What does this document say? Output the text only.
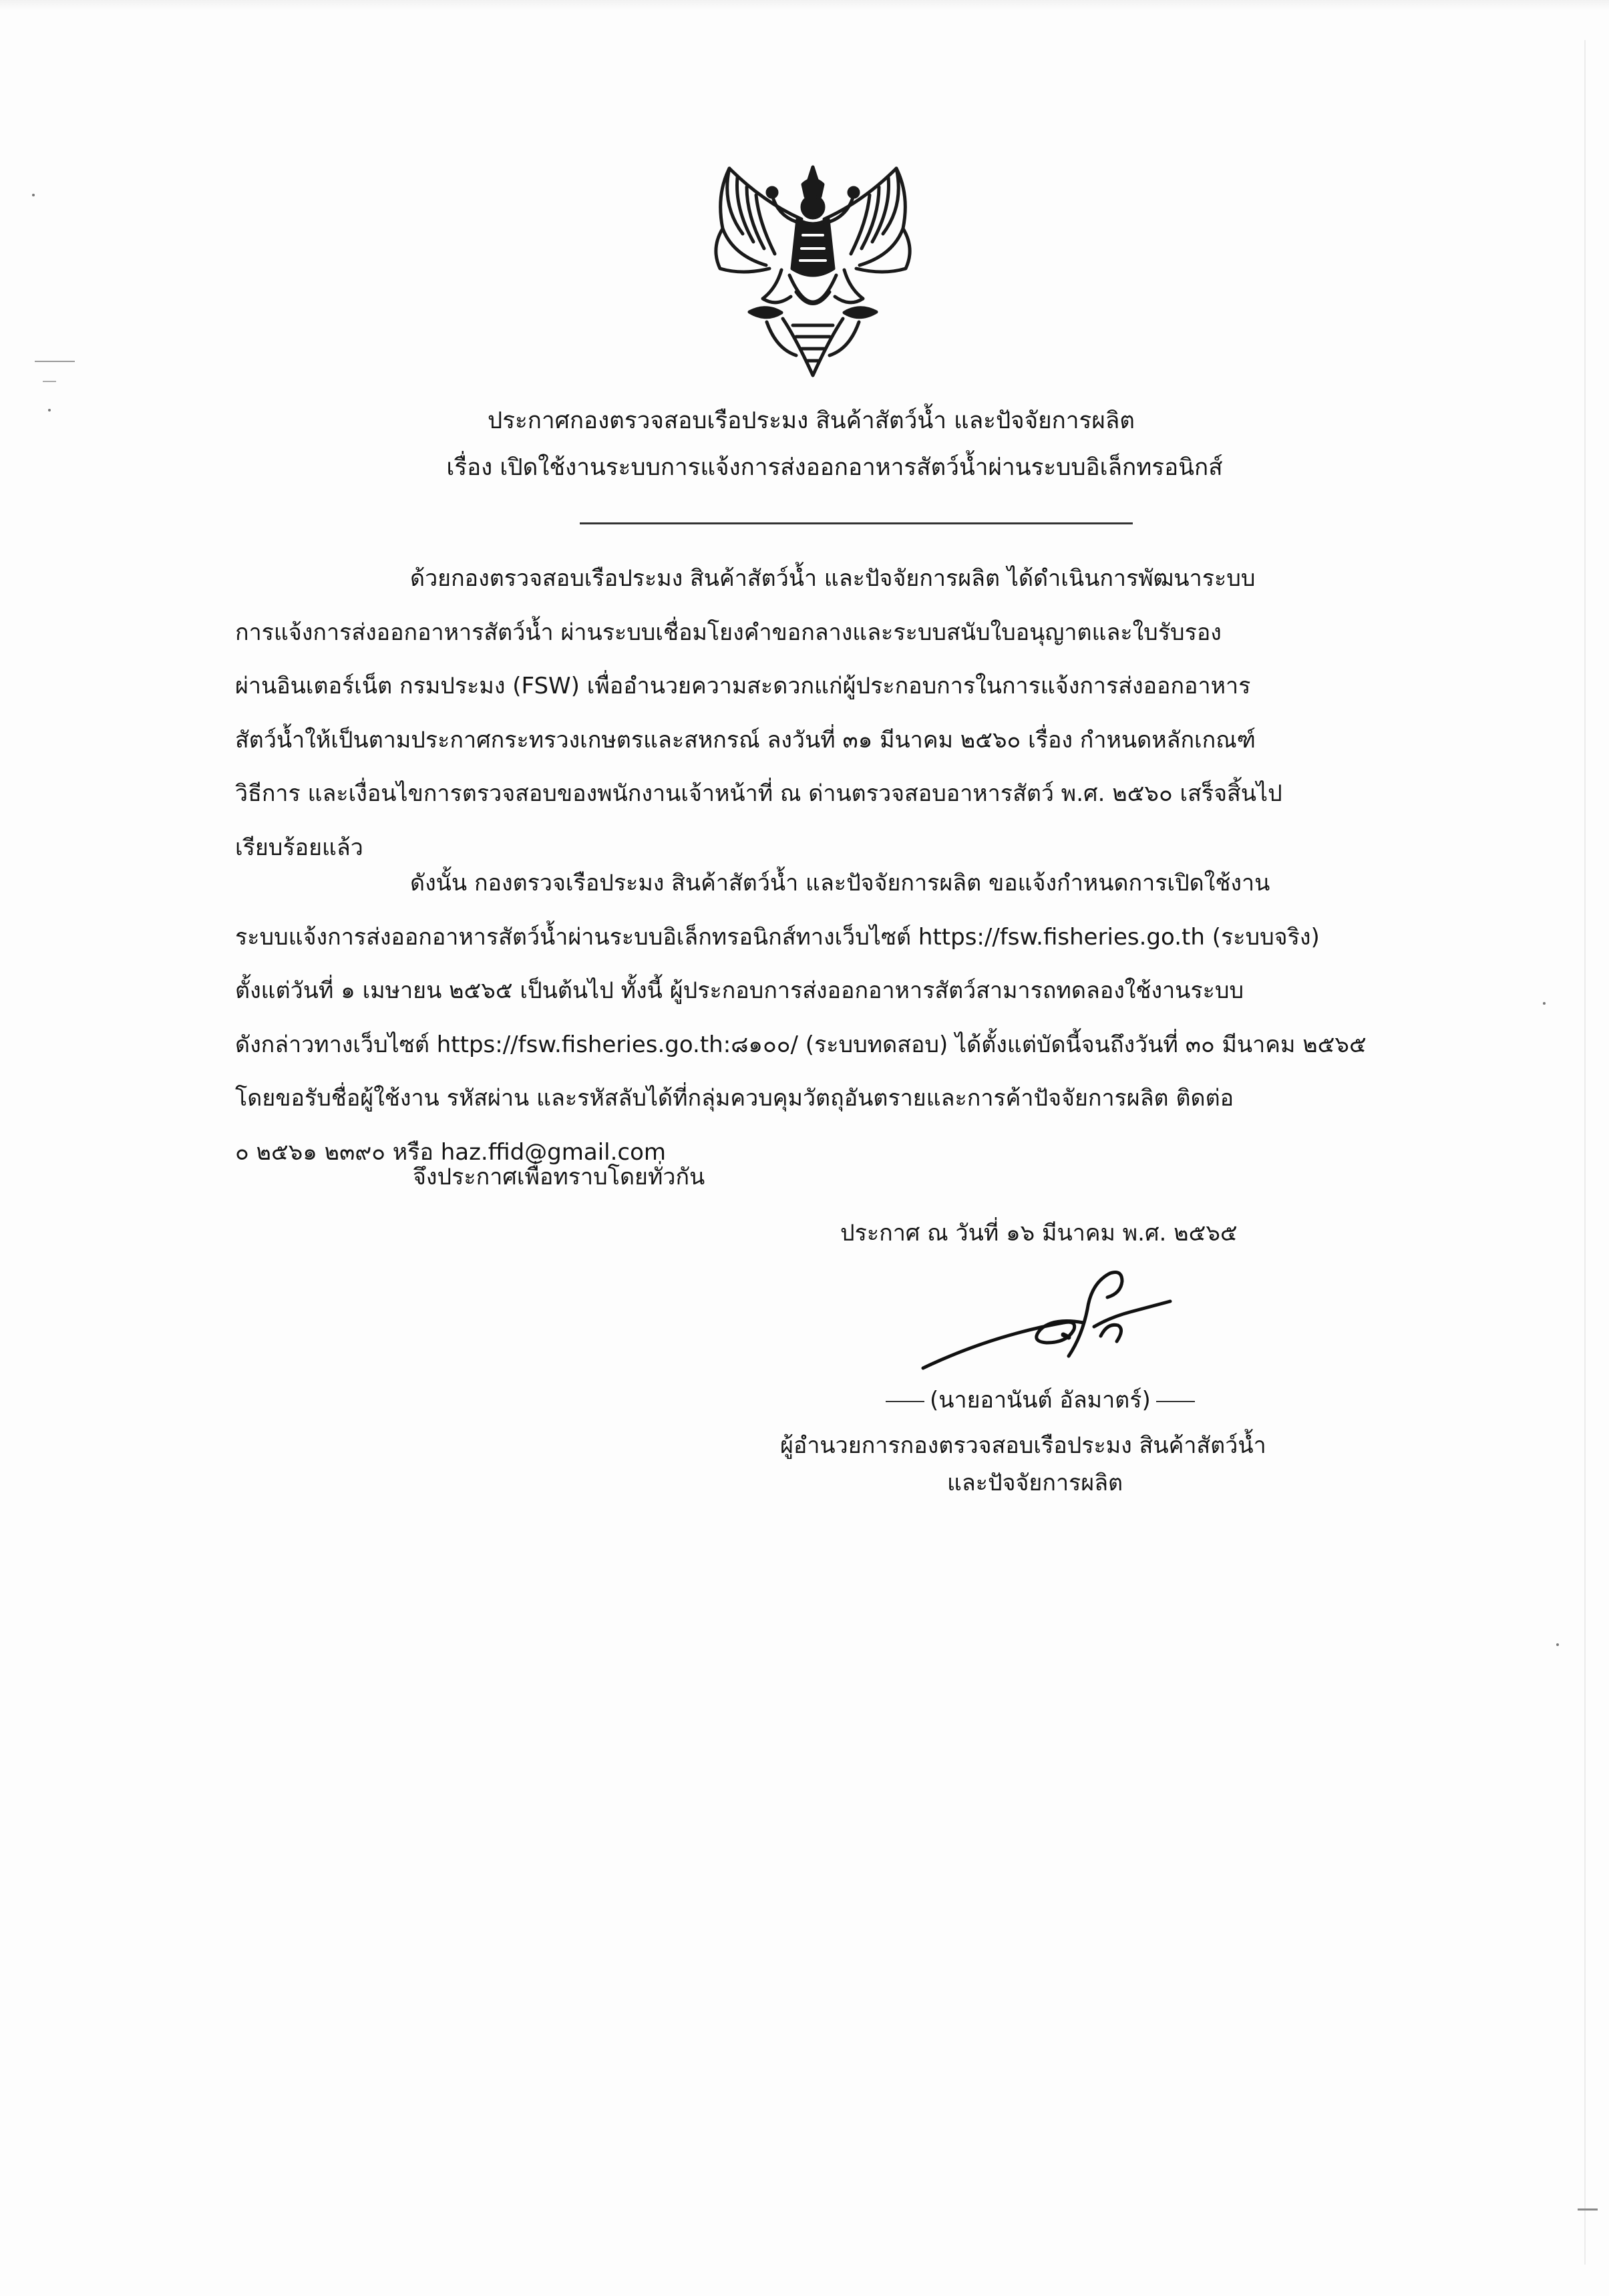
ประกาศกองตรวจสอบเรือประมง สินค้าสัตว์น้ำ และปัจจัยการผลิต
เรื่อง เปิดใช้งานระบบการแจ้งการส่งออกอาหารสัตว์น้ำผ่านระบบอิเล็กทรอนิกส์
ด้วยกองตรวจสอบเรือประมง สินค้าสัตว์น้ำ และปัจจัยการผลิต ได้ดำเนินการพัฒนาระบบ
การแจ้งการส่งออกอาหารสัตว์น้ำ ผ่านระบบเชื่อมโยงคำขอกลางและระบบสนับใบอนุญาตและใบรับรอง
ผ่านอินเตอร์เน็ต กรมประมง (FSW) เพื่ออำนวยความสะดวกแก่ผู้ประกอบการในการแจ้งการส่งออกอาหาร
สัตว์น้ำให้เป็นตามประกาศกระทรวงเกษตรและสหกรณ์ ลงวันที่ ๓๑ มีนาคม ๒๕๖๐ เรื่อง กำหนดหลักเกณฑ์
วิธีการ และเงื่อนไขการตรวจสอบของพนักงานเจ้าหน้าที่ ณ ด่านตรวจสอบอาหารสัตว์ พ.ศ. ๒๕๖๐ เสร็จสิ้นไป
เรียบร้อยแล้ว
ดังนั้น กองตรวจเรือประมง สินค้าสัตว์น้ำ และปัจจัยการผลิต ขอแจ้งกำหนดการเปิดใช้งาน
ระบบแจ้งการส่งออกอาหารสัตว์น้ำผ่านระบบอิเล็กทรอนิกส์ทางเว็บไซต์ https://fsw.fisheries.go.th (ระบบจริง)
ตั้งแต่วันที่ ๑ เมษายน ๒๕๖๕ เป็นต้นไป ทั้งนี้ ผู้ประกอบการส่งออกอาหารสัตว์สามารถทดลองใช้งานระบบ
ดังกล่าวทางเว็บไซต์ https://fsw.fisheries.go.th:๘๑๐๐/ (ระบบทดสอบ) ได้ตั้งแต่บัดนี้จนถึงวันที่ ๓๐ มีนาคม ๒๕๖๕
โดยขอรับชื่อผู้ใช้งาน รหัสผ่าน และรหัสลับได้ที่กลุ่มควบคุมวัตถุอันตรายและการค้าปัจจัยการผลิต ติดต่อ
๐ ๒๕๖๑ ๒๓๙๐ หรือ haz.ffid@gmail.com
จึงประกาศเพื่อทราบโดยทั่วกัน
ประกาศ ณ วันที่ ๑๖ มีนาคม พ.ศ. ๒๕๖๕
(นายอานันต์ อัลมาตร์)
ผู้อำนวยการกองตรวจสอบเรือประมง สินค้าสัตว์น้ำ
และปัจจัยการผลิต
